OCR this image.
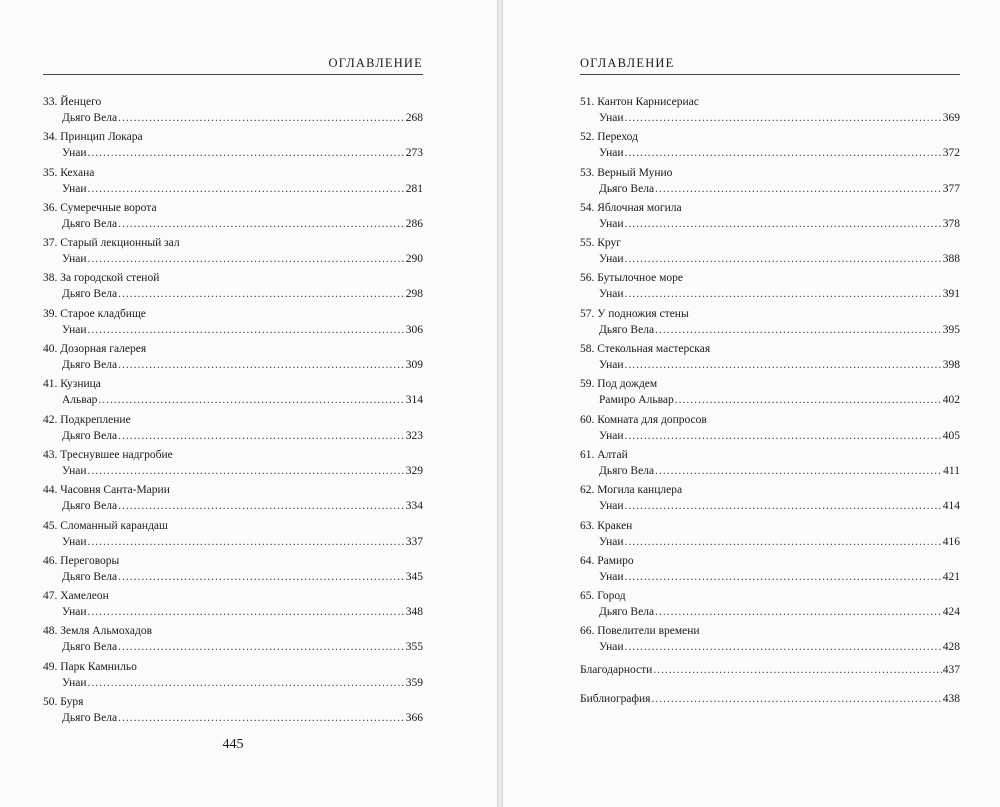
ОГЛАВЛЕНИЕ
33. Йенцего
Дьяго Вела .....	268
34. Принцип Локара
Унаи .....	273
35. Кехана
Унаи .....	281
36. Сумеречные ворота
Дьяго Вела .....	286
37. Старый лекционный зал
Унаи .....	290
38. За городской стеной
Дьяго Вела .....	298
39. Старое кладбище
Унаи .....	306
40. Дозорная галерея
Дьяго Вела .....	309
41. Кузница
Альвар .....	314
42. Подкрепление
Дьяго Вела .....	323
43. Треснувшее надгробие
Унаи .....	329
44. Часовня Санта-Марии
Дьяго Вела .....	334
45. Сломанный карандаш
Унаи .....	337
46. Переговоры
Дьяго Вела .....	345
47. Хамелеон
Унаи .....	348
48. Земля Альмохадов
Дьяго Вела .....	355
49. Парк Камнильо
Унаи .....	359
50. Буря
Дьяго Вела .....	366
445
ОГЛАВЛЕНИЕ
51. Кантон Карнисериас
Унаи .....	369
52. Переход
Унаи .....	372
53. Верный Мунио
Дьяго Вела .....	377
54. Яблочная могила
Унаи .....	378
55. Круг
Унаи .....	388
56. Бутылочное море
Унаи .....	391
57. У подножия стены
Дьяго Вела .....	395
58. Стекольная мастерская
Унаи .....	398
59. Под дождем
Рамиро Альвар .....	402
60. Комната для допросов
Унаи .....	405
61. Алтай
Дьяго Вела .....	411
62. Могила канцлера
Унаи .....	414
63. Кракен
Унаи .....	416
64. Рамиро
Унаи .....	421
65. Город
Дьяго Вела .....	424
66. Повелители времени
Унаи .....	428
Благодарности .....	437
Библиография .....	438
